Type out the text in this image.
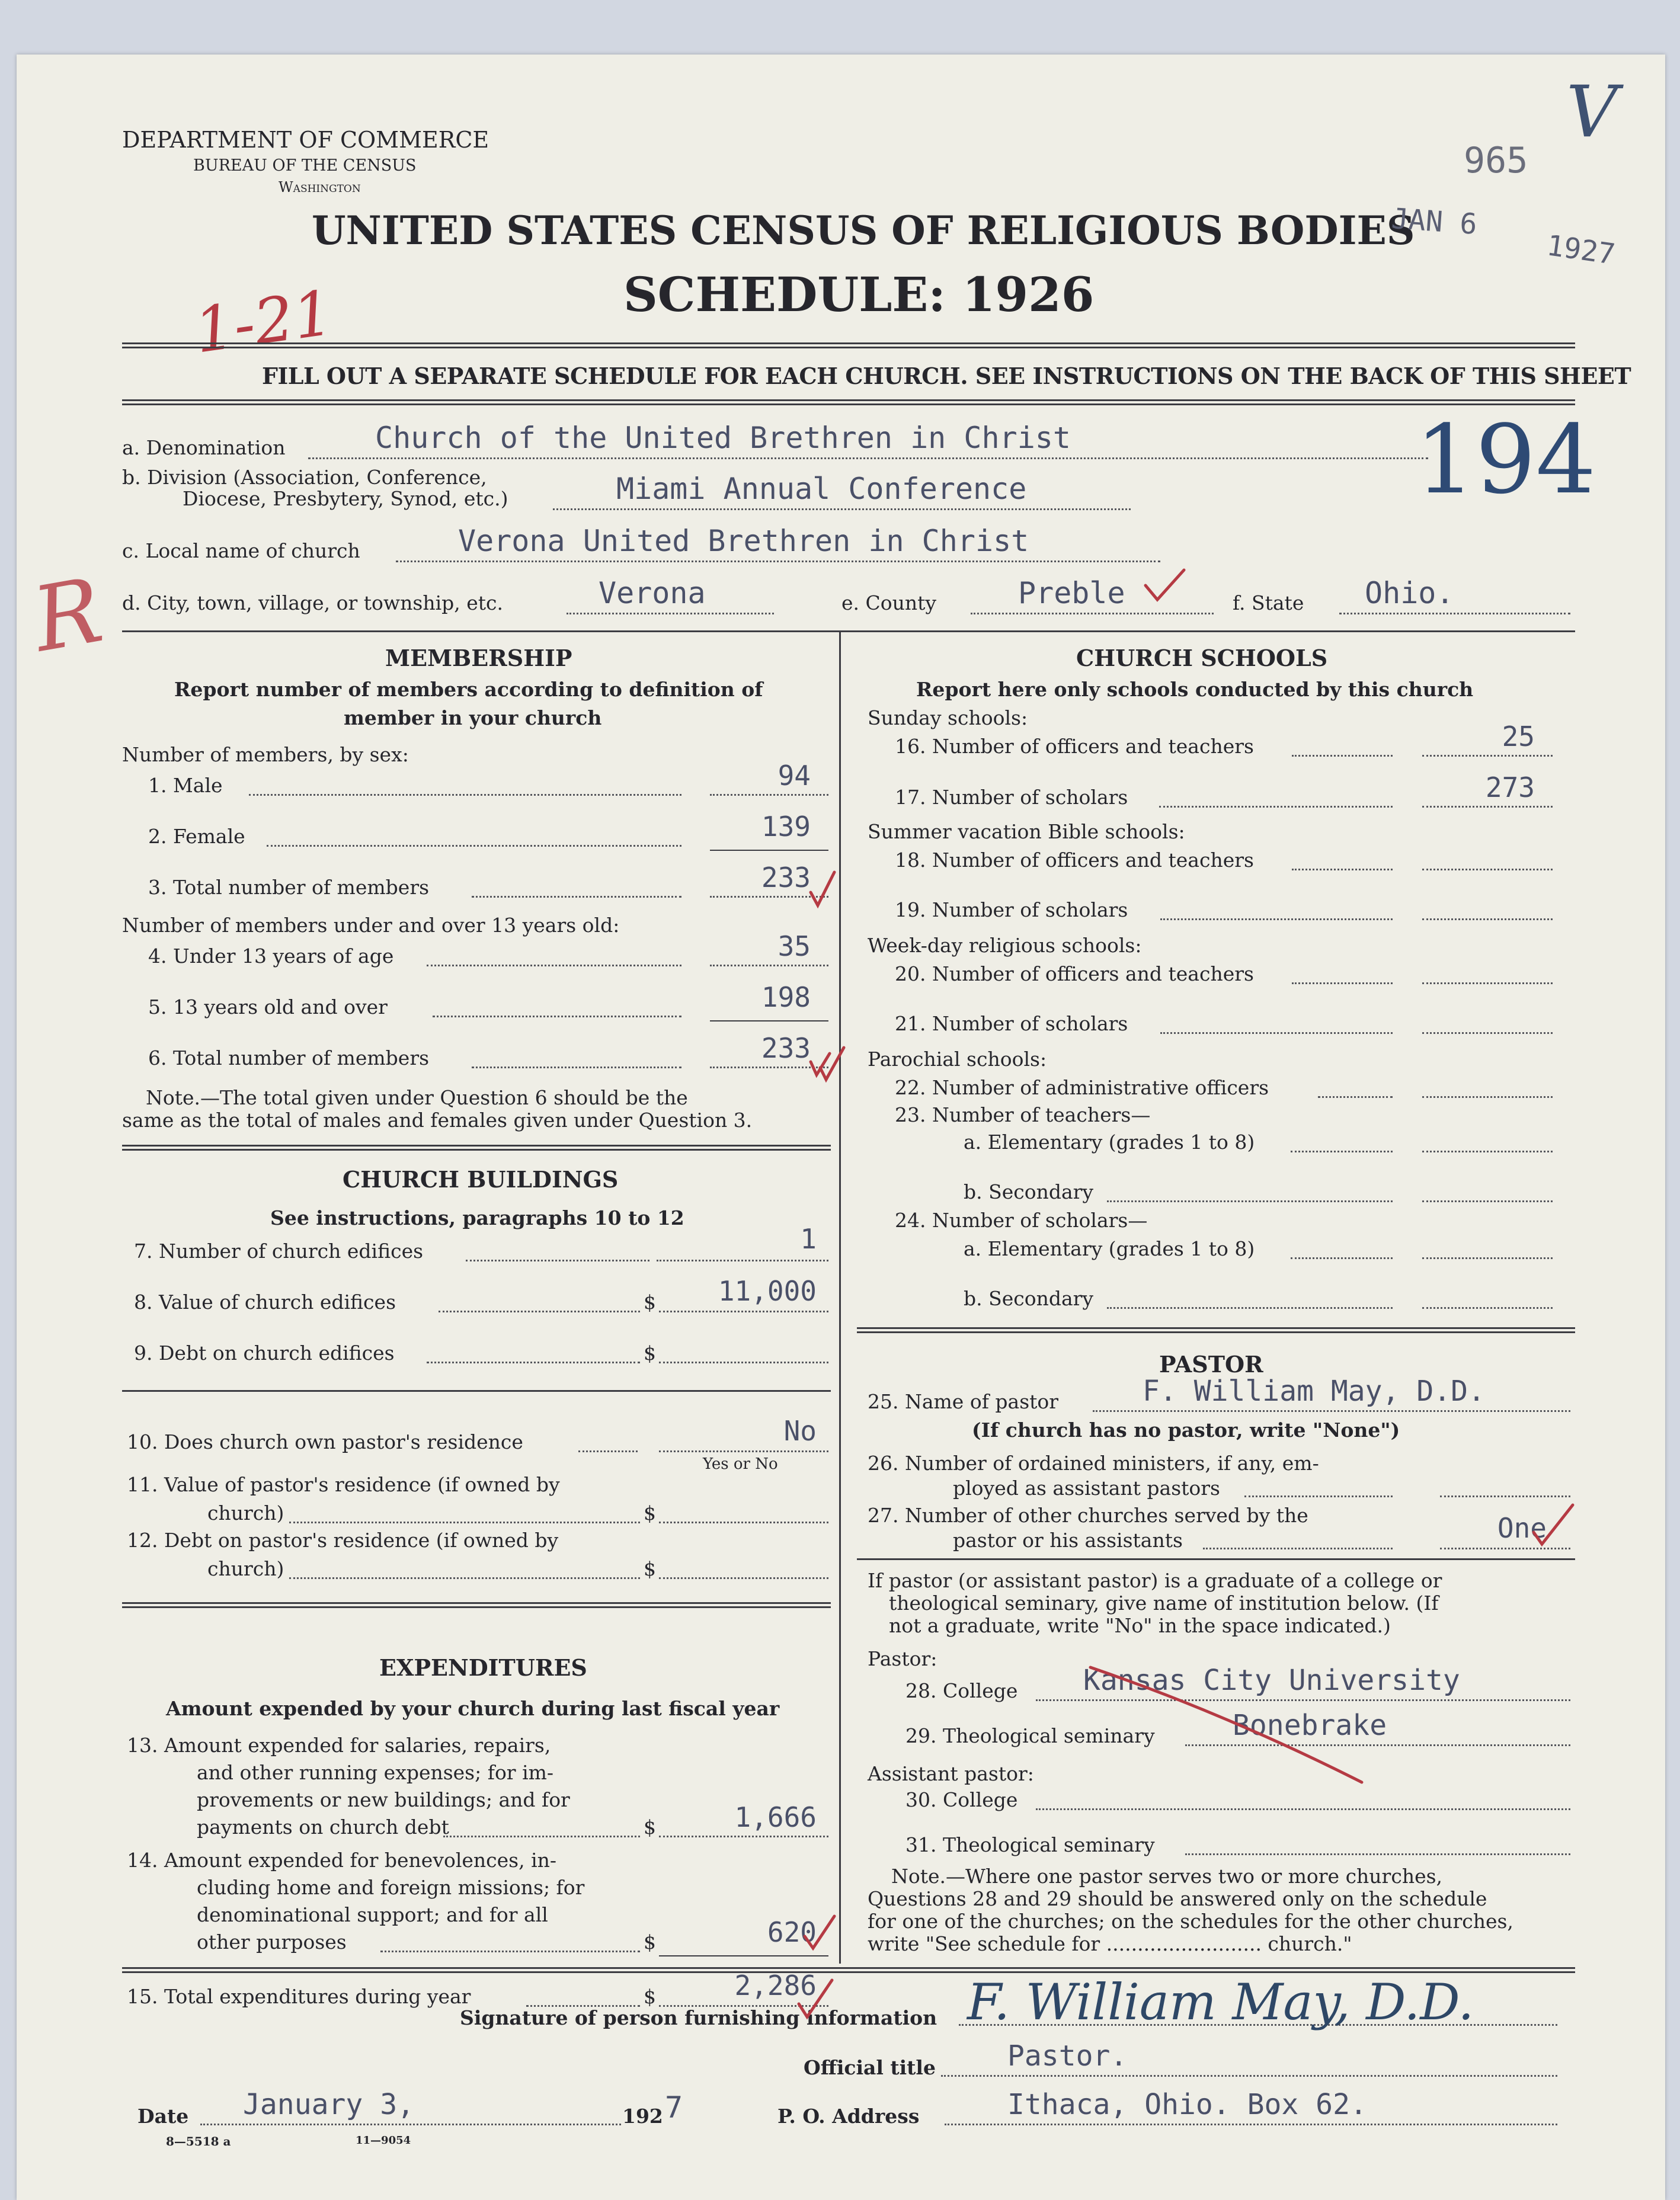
DEPARTMENT OF COMMERCE
BUREAU OF THE CENSUS
Washington
UNITED STATES CENSUS OF RELIGIOUS BODIES
SCHEDULE: 1926
JAN 6
1927
965
V
1-21
R
194
FILL OUT A SEPARATE SCHEDULE FOR EACH CHURCH. SEE INSTRUCTIONS ON THE BACK OF THIS SHEET
a. Denomination	Church of the United Brethren in Christ
b. Division (Association, Conference,
Diocese, Presbytery, Synod, etc.)	Miami Annual Conference
c. Local name of church	Verona United Brethren in Christ
d. City, town, village, or township, etc.	Verona	e. County	Preble	f. State Ohio.
MEMBERSHIP
Report number of members according to definition of
member in your church
Number of members, by sex:
1. Male	94
2. Female	139
3. Total number of members	233
Number of members under and over 13 years old:
4. Under 13 years of age	35
5. 13 years old and over	198
6. Total number of members	233
Note.—The total given under Question 6 should be the
same as the total of males and females given under Question 3.
CHURCH BUILDINGS
See instructions, paragraphs 10 to 12
7. Number of church edifices	1
8. Value of church edifices	$	11,000
9. Debt on church edifices	$
10. Does church own pastor's residence	No
Yes or No
11. Value of pastor's residence (if owned by
church)	$
12. Debt on pastor's residence (if owned by
church)	$
EXPENDITURES
Amount expended by your church during last fiscal year
13. Amount expended for salaries, repairs,
and other running expenses; for im-
provements or new buildings; and for
payments on church debt	$	1,666
14. Amount expended for benevolences, in-
cluding home and foreign missions; for
denominational support; and for all
other purposes	$	620
15. Total expenditures during year	$	2,286
CHURCH SCHOOLS
Report here only schools conducted by this church
Sunday schools:
16. Number of officers and teachers	25
17. Number of scholars	273
Summer vacation Bible schools:
18. Number of officers and teachers
19. Number of scholars
Week-day religious schools:
20. Number of officers and teachers
21. Number of scholars
Parochial schools:
22. Number of administrative officers
23. Number of teachers—
a. Elementary (grades 1 to 8)
b. Secondary
24. Number of scholars—
a. Elementary (grades 1 to 8)
b. Secondary
PASTOR
25. Name of pastor	F. William May, D.D.
(If church has no pastor, write "None")
26. Number of ordained ministers, if any, em-
ployed as assistant pastors
27. Number of other churches served by the
pastor or his assistants	One
If pastor (or assistant pastor) is a graduate of a college or
theological seminary, give name of institution below. (If
not a graduate, write "No" in the space indicated.)
Pastor:
28. College Kansas City University
29. Theological seminary	Bonebrake
Assistant pastor:
30. College
31. Theological seminary
Note.—Where one pastor serves two or more churches,
Questions 28 and 29 should be answered only on the schedule
for one of the churches; on the schedules for the other churches,
write "See schedule for ......................... church."
Signature of person furnishing information F. William May, D.D.
Official title	Pastor.
Date January 3,	192 7	P. O. Address	Ithaca, Ohio. Box 62.
8—5518 a	11—9054
